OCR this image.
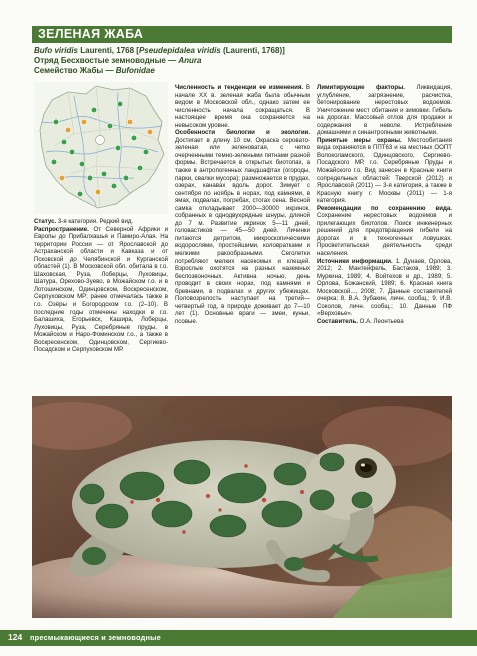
ЗЕЛЕНАЯ ЖАБА
Bufo viridis Laurenti, 1768 [Pseudepidalea viridis (Laurenti, 1768)]
Отряд Бесхвостые земноводные — Anura
Семейство Жабы — Bufonidae

Статус. 3-я категория. Редкий вид.

Распространение. От Северной Африки и Европы до Прибалхашья и Памиро-Алая. На территории России — от Ярославской до Астраханской области и Кавказа и от Псковской до Челябинской и Курганской областей (1). В Московской обл. обитала в г.о. Шаховская, Руза, Лоберцы, Луховицы, Шатура, Орехово-Зуево, в Можайском г.о. и в Лотошинском, Одинцовском, Воскресенском, Серпуховском МР; ранее отмечалась также в г.о. Озёры и Богородском г.о. (2–10). В последние годы отмечены находки в г.о. Балашиха, Егорьевск, Кашира, Лоберцы, Луховицы, Руза, Серебряные пруды, в Можайском и Наро-Фоминском г.о., а также в Воскресенском, Одинцовском, Сергиево-Посадском и Серпуховском МР.

Численность и тенденции ее изменения. В начале XX в. зеленая жаба была обычным видом в Московской обл., однако затем ее численность начала сокращаться. В настоящее время она сохраняется на невысоком уровне.

Особенности биологии и экологии. Достигает в длину 10 см. Окраска серовато-зеленая или зеленоватая, с четко очерченными темно-зелеными пятнами разной формы. Встречается в открытых биотопах, а также в антропогенных ландшафтах (огороды, парки, свалки мусора); размножается в прудах, озерах, канавах вдоль дорог. Зимует с сентября по ноябрь в норах, под камнями, в ямах, подвалах, погребах, стогах сена. Весной самка откладывает 2000—30000 икринок, собранных в однодвухрядные шнуры, длиной до 7 м. Развитие икринок 5—11 дней, головастиков — 45—50 дней. Личинки питаются детритом, микроскопическими водорослями, простейшими, коловратками и мелкими ракообразными. Сеголетки потребляют мелких насекомых и клещей. Взрослые охотятся на разных наземных беспозвоночных. Активна ночью, день проводит в своих норах, под камнями и бревнами, в подвалах и других убежищах. Половозрелость наступает на третий—четвертый год, в природе доживает до 7—10 лет (1). Основные враги — змеи, куньи, псовые.

Лимитирующие факторы. Ликвидация, углубление, загрязнение, расчистка, бетонирование нерестовых водоемов. Уничтожение мест обитания и зимовки. Гибель на дорогах. Массовый отлов для продажи и содержания в неволе. Истребление домашними и синантропными животными.

Принятые меры охраны. Местообитания вида охраняются в ППТ63 и на местных ООПТ Волоколамского, Одинцовского, Сергиево-Посадского МР, г.о. Серебряные Пруды и Можайского г.о. Вид занесен в Красные книги сопредельных областей: Тверской (2012) и Ярославской (2011) — 3-я категория, а также в Красную книгу г. Москвы (2011) — 1-я категория.

Рекомендации по сохранению вида. Сохранение нерестовых водоемов и прилегающих биотопов. Поиск инженерных решений для предотвращения гибели на дорогах и в техногенных ловушках. Просветительская деятельность среди населения.

Источники информации. 1. Дунаев, Орлова, 2012; 2. Мантейфель, Бастаков, 1989; 3. Муркина, 1989; 4. Войтехов и др., 1989; 5. Орлова, Божанский, 1989; 6. Красная книга Московской..., 2008; 7. Данные составителей очерка; 8. В.А. Зубакин, личн. сообщ.; 9. И.В. Соколов, личн. сообщ.; 10. Данные ПФ «Верховье».

Составитель. О.А. Леонтьева

124 пресмыкающиеся и земноводные
